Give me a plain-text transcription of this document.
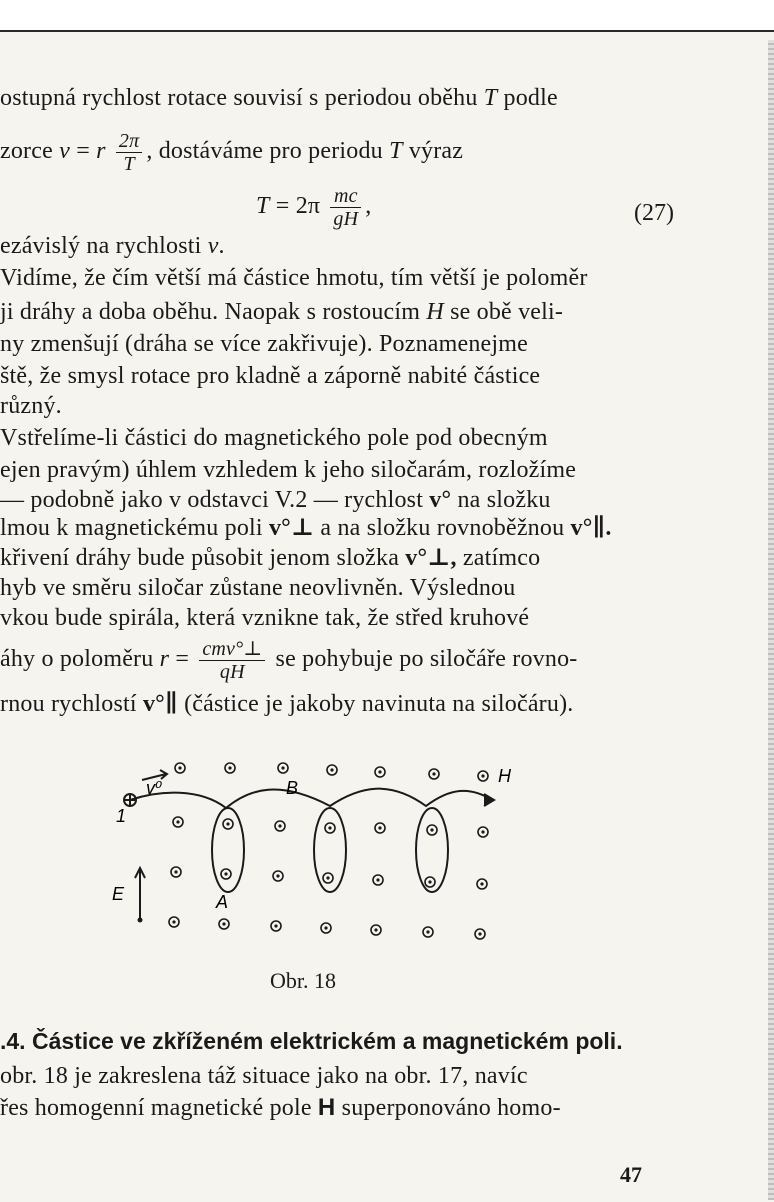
ostupná rychlost rotace souvisí s periodou oběhu T podle
zorce v = r $\frac{2\pi}{T}$ , dostáváme pro periodu T výraz
$T = 2\pi \frac{mc}{gH}$ ,	(27)
ezávislý na rychlosti v.
Vidíme, že čím větší má částice hmotu, tím větší je poloměr
ji dráhy a doba oběhu. Naopak s rostoucím H se obě veli-
ny zmenšují (dráha se více zakřivuje). Poznamenejme
ště, že smysl rotace pro kladně a záporně nabité částice
různý.
Vstřelíme-li částici do magnetického pole pod obecným
ejen pravým) úhlem vzhledem k jeho siločarám, rozložíme
— podobně jako v odstavci V.2 — rychlost v° na složku
lmou k magnetickému poli v°⊥ a na složku rovnoběžnou v°∥.
křivení dráhy bude působit jenom složka v°⊥, zatímco
hyb ve směru siločar zůstane neovlivněn. Výslednou
vkou bude spirála, která vznikne tak, že střed kruhové
áhy o poloměru $r = \frac{\text{cmv°⊥}}{qH}$ se pohybuje po siločáře rovno-
rnou rychlostí v°∥ (částice je jakoby navinuta na siločáru).
v⁰	B
H
1
E	A
Obr. 18
.4. Částice ve zkříženém elektrickém a magnetickém poli.
obr. 18 je zakreslena táž situace jako na obr. 17, navíc
řes homogenní magnetické pole H superponováno homo-
47
